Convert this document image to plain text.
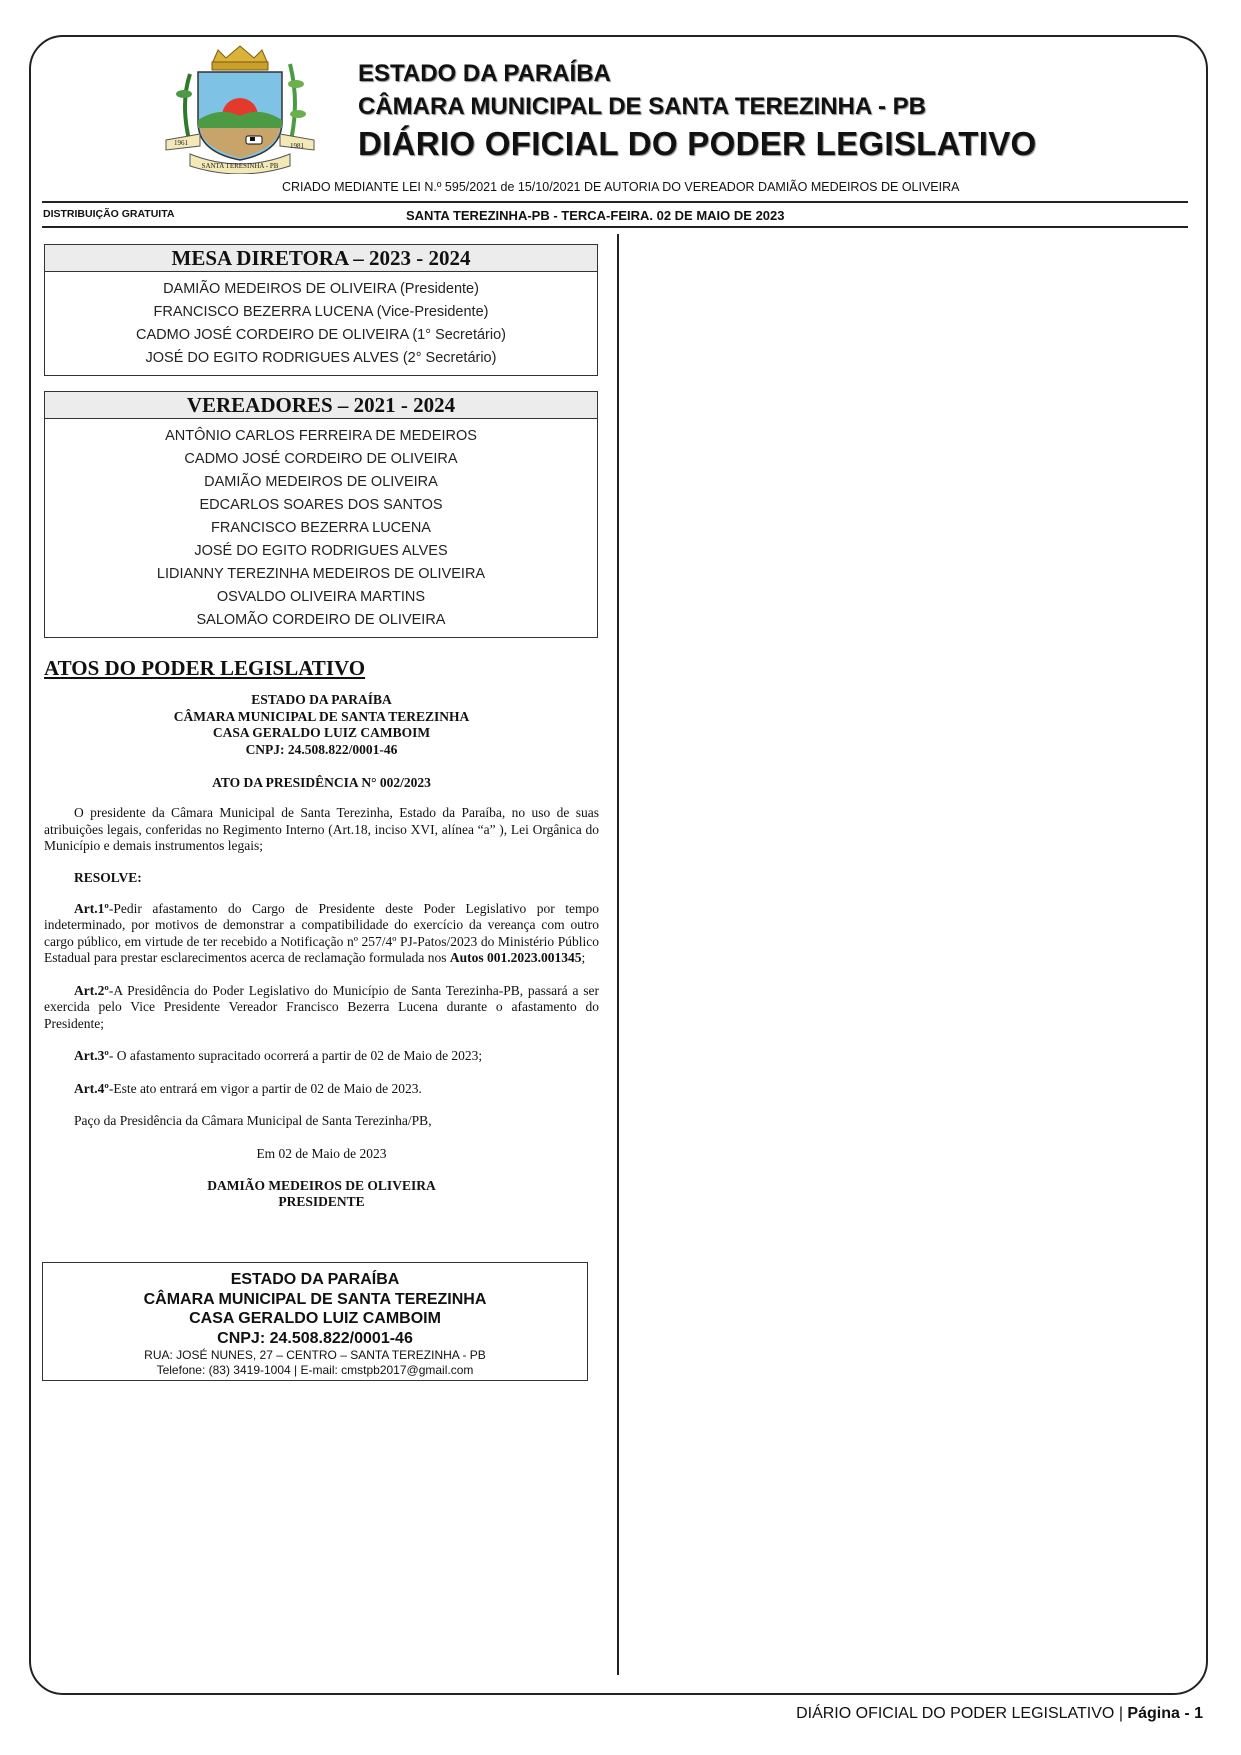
1961	1981
SANTA TERESINHA - PB
ESTADO DA PARAÍBA
CÂMARA MUNICIPAL DE SANTA TEREZINHA - PB
DIÁRIO OFICIAL DO PODER LEGISLATIVO
CRIADO MEDIANTE LEI N.º 595/2021 de 15/10/2021 DE AUTORIA DO VEREADOR DAMIÃO MEDEIROS DE OLIVEIRA
DISTRIBUIÇÃO GRATUITA	SANTA TEREZINHA-PB - TERCA-FEIRA. 02 DE MAIO DE 2023
MESA DIRETORA – 2023 - 2024
DAMIÃO MEDEIROS DE OLIVEIRA (Presidente)
FRANCISCO BEZERRA LUCENA (Vice-Presidente)
CADMO JOSÉ CORDEIRO DE OLIVEIRA (1° Secretário)
JOSÉ DO EGITO RODRIGUES ALVES (2° Secretário)
VEREADORES – 2021 - 2024
ANTÔNIO CARLOS FERREIRA DE MEDEIROS
CADMO JOSÉ CORDEIRO DE OLIVEIRA
DAMIÃO MEDEIROS DE OLIVEIRA
EDCARLOS SOARES DOS SANTOS
FRANCISCO BEZERRA LUCENA
JOSÉ DO EGITO RODRIGUES ALVES
LIDIANNY TEREZINHA MEDEIROS DE OLIVEIRA
OSVALDO OLIVEIRA MARTINS
SALOMÃO CORDEIRO DE OLIVEIRA
ATOS DO PODER LEGISLATIVO
ESTADO DA PARAÍBA
CÂMARA MUNICIPAL DE SANTA TEREZINHA
CASA GERALDO LUIZ CAMBOIM
CNPJ: 24.508.822/0001-46
ATO DA PRESIDÊNCIA N° 002/2023
O presidente da Câmara Municipal de Santa Terezinha, Estado da Paraíba, no uso de suas atribuições legais, conferidas no Regimento Interno (Art.18, inciso XVI, alínea “a” ), Lei Orgânica do Município e demais instrumentos legais;
RESOLVE:
Art.1º-Pedir afastamento do Cargo de Presidente deste Poder Legislativo por tempo indeterminado, por motivos de demonstrar a compatibilidade do exercício da vereança com outro cargo público, em virtude de ter recebido a Notificação nº 257/4º PJ-Patos/2023 do Ministério Público Estadual para prestar esclarecimentos acerca de reclamação formulada nos Autos 001.2023.001345;
Art.2º-A Presidência do Poder Legislativo do Município de Santa Terezinha-PB, passará a ser exercida pelo Vice Presidente Vereador Francisco Bezerra Lucena durante o afastamento do Presidente;
Art.3º- O afastamento supracitado ocorrerá a partir de 02 de Maio de 2023;
Art.4º-Este ato entrará em vigor a partir de 02 de Maio de 2023.
Paço da Presidência da Câmara Municipal de Santa Terezinha/PB,
Em 02 de Maio de 2023
DAMIÃO MEDEIROS DE OLIVEIRA
PRESIDENTE
ESTADO DA PARAÍBA
CÂMARA MUNICIPAL DE SANTA TEREZINHA
CASA GERALDO LUIZ CAMBOIM
CNPJ: 24.508.822/0001-46
RUA: JOSÉ NUNES, 27 – CENTRO – SANTA TEREZINHA - PB
Telefone: (83) 3419-1004 | E-mail: cmstpb2017@gmail.com
DIÁRIO OFICIAL DO PODER LEGISLATIVO | Página - 1
